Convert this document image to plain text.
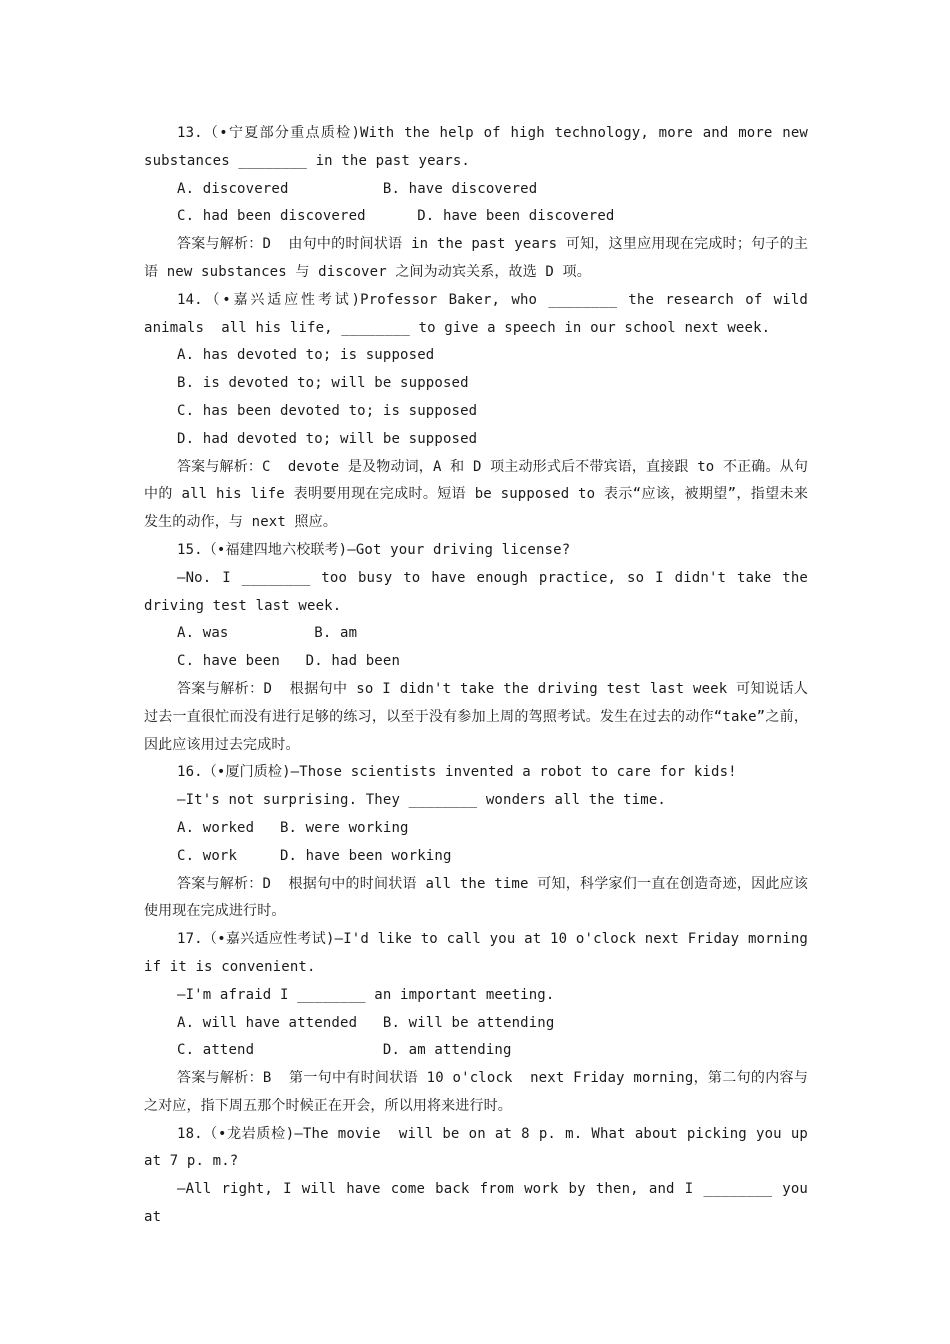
13.（•宁夏部分重点质检)With the help of high technology, more and more new substances ________ in the past years.

A. discovered           B. have discovered

C. had been discovered      D. have been discovered

答案与解析：D  由句中的时间状语 in the past years 可知，这里应用现在完成时；句子的主语 new substances 与 discover 之间为动宾关系，故选 D 项。

14.（•嘉兴适应性考试)Professor Baker, who ________ the research of wild animals  all his life, ________ to give a speech in our school next week.

A. has devoted to; is supposed

B. is devoted to; will be supposed

C. has been devoted to; is supposed

D. had devoted to; will be supposed

答案与解析：C  devote 是及物动词，A 和 D 项主动形式后不带宾语，直接跟 to 不正确。从句中的 all his life 表明要用现在完成时。短语 be supposed to 表示“应该，被期望”，指望未来发生的动作，与 next 照应。

15.（•福建四地六校联考)—Got your driving license?

—No. I ________ too busy to have enough practice, so I didn't take the driving test last week.

A. was          B. am

C. have been   D. had been

答案与解析：D  根据句中 so I didn't take the driving test last week 可知说话人过去一直很忙而没有进行足够的练习，以至于没有参加上周的驾照考试。发生在过去的动作“take”之前，因此应该用过去完成时。

16.（•厦门质检)—Those scientists invented a robot to care for kids!

—It's not surprising. They ________ wonders all the time.

A. worked   B. were working

C. work     D. have been working

答案与解析：D  根据句中的时间状语 all the time 可知，科学家们一直在创造奇迹，因此应该使用现在完成进行时。

17.（•嘉兴适应性考试)—I'd like to call you at 10 o'clock next Friday morning if it is convenient.

—I'm afraid I ________ an important meeting.

A. will have attended   B. will be attending

C. attend               D. am attending

答案与解析：B  第一句中有时间状语 10 o'clock  next Friday morning，第二句的内容与之对应，指下周五那个时候正在开会，所以用将来进行时。

18.（•龙岩质检)—The movie  will be on at 8 p. m. What about picking you up at 7 p. m.?

—All right, I will have come back from work by then, and I ________ you at
